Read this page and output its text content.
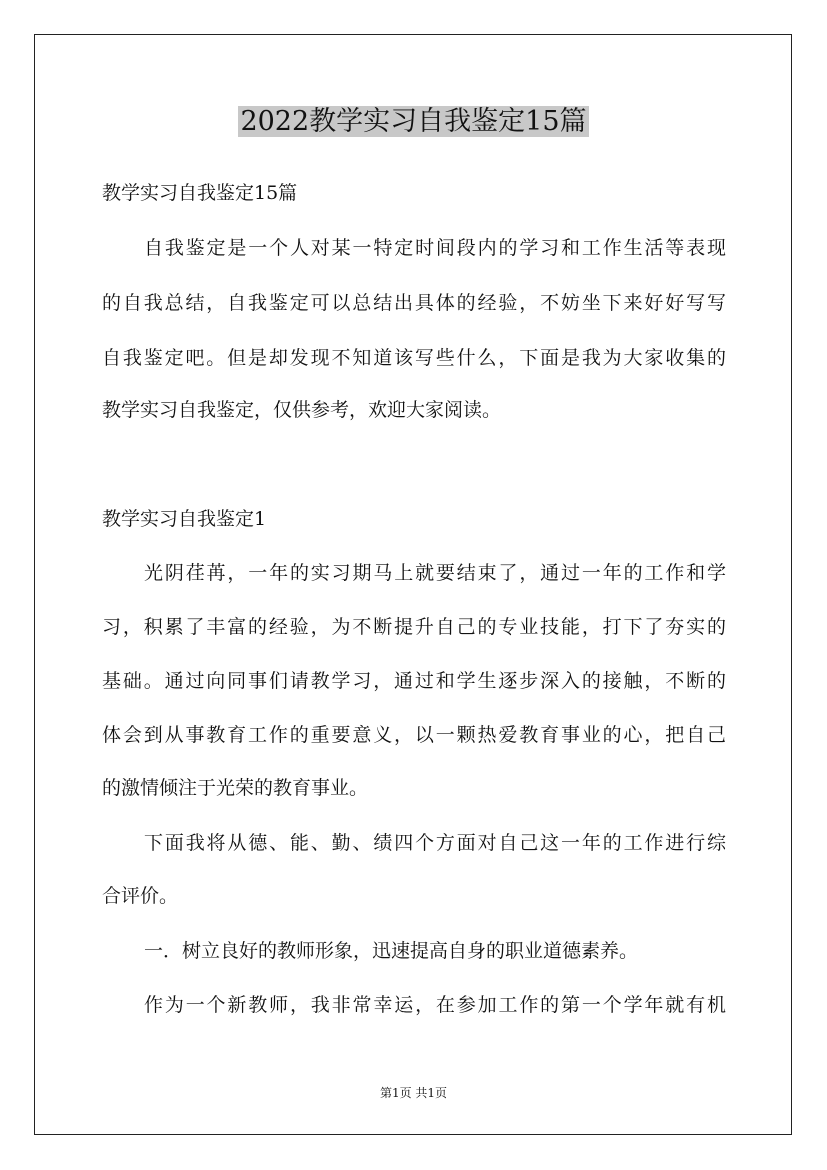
2022教学实习自我鉴定15篇

教学实习自我鉴定15篇

自我鉴定是一个人对某一特定时间段内的学习和工作生活等表现

的自我总结，自我鉴定可以总结出具体的经验，不妨坐下来好好写写

自我鉴定吧。但是却发现不知道该写些什么，下面是我为大家收集的

教学实习自我鉴定，仅供参考，欢迎大家阅读。

教学实习自我鉴定1

光阴荏苒，一年的实习期马上就要结束了，通过一年的工作和学

习，积累了丰富的经验，为不断提升自己的专业技能，打下了夯实的

基础。通过向同事们请教学习，通过和学生逐步深入的接触，不断的

体会到从事教育工作的重要意义，以一颗热爱教育事业的心，把自己

的激情倾注于光荣的教育事业。

下面我将从德、能、勤、绩四个方面对自己这一年的工作进行综

合评价。

一．树立良好的教师形象，迅速提高自身的职业道德素养。

作为一个新教师，我非常幸运，在参加工作的第一个学年就有机

第1页 共1页
